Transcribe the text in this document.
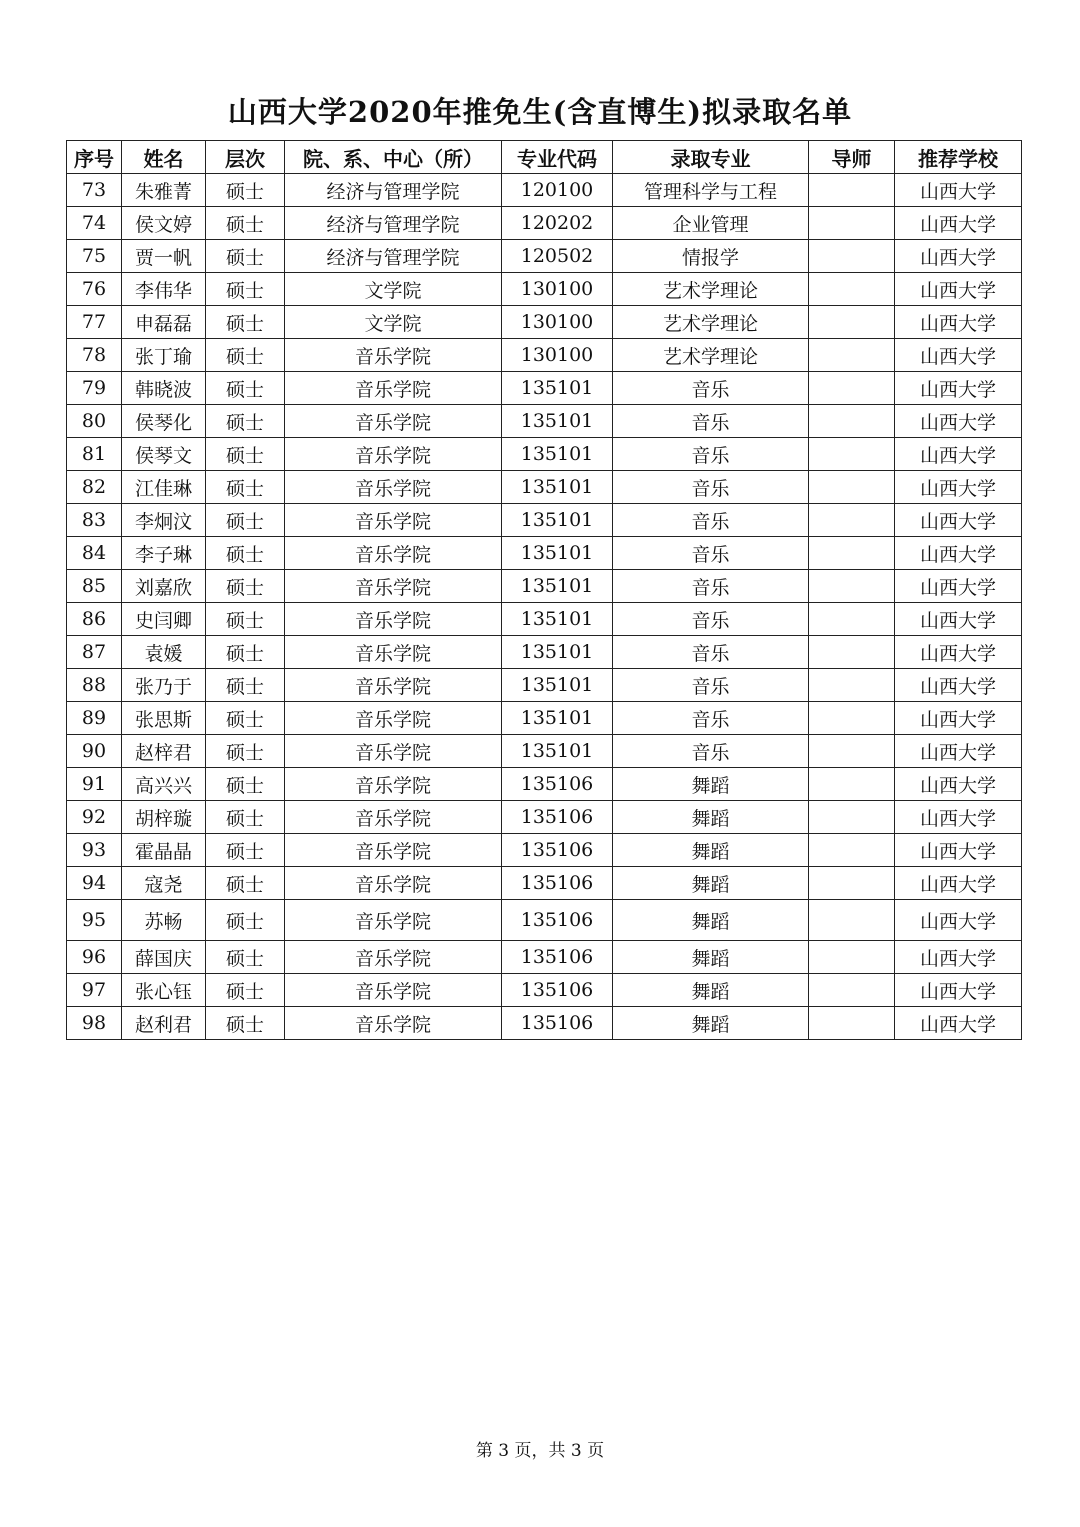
山西大学2020年推免生(含直博生)拟录取名单
序号	姓名	层次	院、系、中心（所）	专业代码	录取专业	导师	推荐学校
73	朱雅菁	硕士	经济与管理学院	120100	管理科学与工程		山西大学
74	侯文婷	硕士	经济与管理学院	120202	企业管理		山西大学
75	贾一帆	硕士	经济与管理学院	120502	情报学		山西大学
76	李伟华	硕士	文学院	130100	艺术学理论		山西大学
77	申磊磊	硕士	文学院	130100	艺术学理论		山西大学
78	张丁瑜	硕士	音乐学院	130100	艺术学理论		山西大学
79	韩晓波	硕士	音乐学院	135101	音乐		山西大学
80	侯琴化	硕士	音乐学院	135101	音乐		山西大学
81	侯琴文	硕士	音乐学院	135101	音乐		山西大学
82	江佳琳	硕士	音乐学院	135101	音乐		山西大学
83	李炯汶	硕士	音乐学院	135101	音乐		山西大学
84	李子琳	硕士	音乐学院	135101	音乐		山西大学
85	刘嘉欣	硕士	音乐学院	135101	音乐		山西大学
86	史闫卿	硕士	音乐学院	135101	音乐		山西大学
87	袁媛	硕士	音乐学院	135101	音乐		山西大学
88	张乃于	硕士	音乐学院	135101	音乐		山西大学
89	张思斯	硕士	音乐学院	135101	音乐		山西大学
90	赵梓君	硕士	音乐学院	135101	音乐		山西大学
91	高兴兴	硕士	音乐学院	135106	舞蹈		山西大学
92	胡梓璇	硕士	音乐学院	135106	舞蹈		山西大学
93	霍晶晶	硕士	音乐学院	135106	舞蹈		山西大学
94	寇尧	硕士	音乐学院	135106	舞蹈		山西大学
95	苏畅	硕士	音乐学院	135106	舞蹈		山西大学
96	薛国庆	硕士	音乐学院	135106	舞蹈		山西大学
97	张心钰	硕士	音乐学院	135106	舞蹈		山西大学
98	赵利君	硕士	音乐学院	135106	舞蹈		山西大学
第 3 页，共 3 页
